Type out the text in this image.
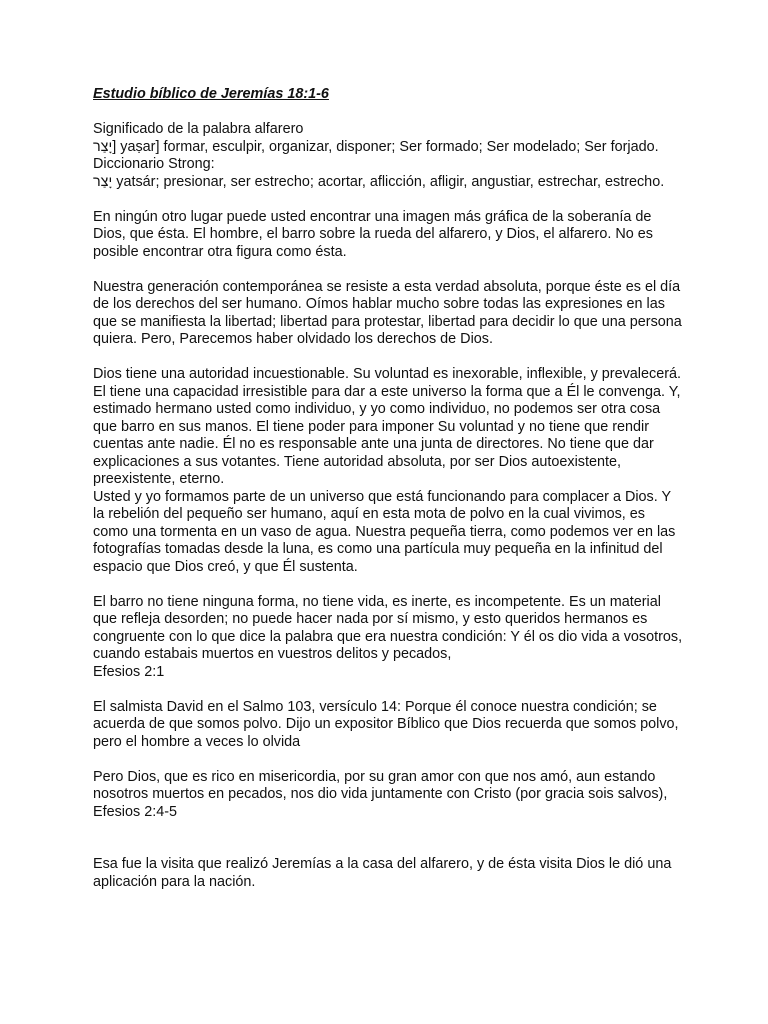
Estudio bíblico de Jeremías 18:1-6
Significado de la palabra alfarero
יָצַר] yaṣar] formar, esculpir, organizar, disponer; Ser formado; Ser modelado; Ser forjado.
Diccionario Strong:
יָצַר yatsár; presionar, ser estrecho; acortar, aflicción, afligir, angustiar, estrechar, estrecho.
En ningún otro lugar puede usted encontrar una imagen más gráfica de la soberanía de
Dios, que ésta. El hombre, el barro sobre la rueda del alfarero, y Dios, el alfarero. No es
posible encontrar otra figura como ésta.
Nuestra generación contemporánea se resiste a esta verdad absoluta, porque éste es el día
de los derechos del ser humano. Oímos hablar mucho sobre todas las expresiones en las
que se manifiesta la libertad; libertad para protestar, libertad para decidir lo que una persona
quiera. Pero, Parecemos haber olvidado los derechos de Dios.
Dios tiene una autoridad incuestionable. Su voluntad es inexorable, inflexible, y prevalecerá.
El tiene una capacidad irresistible para dar a este universo la forma que a Él le convenga. Y,
estimado hermano usted como individuo, y yo como individuo, no podemos ser otra cosa
que barro en sus manos. El tiene poder para imponer Su voluntad y no tiene que rendir
cuentas ante nadie. Él no es responsable ante una junta de directores. No tiene que dar
explicaciones a sus votantes. Tiene autoridad absoluta, por ser Dios autoexistente,
preexistente, eterno.
Usted y yo formamos parte de un universo que está funcionando para complacer a Dios. Y
la rebelión del pequeño ser humano, aquí en esta mota de polvo en la cual vivimos, es
como una tormenta en un vaso de agua. Nuestra pequeña tierra, como podemos ver en las
fotografías tomadas desde la luna, es como una partícula muy pequeña en la infinitud del
espacio que Dios creó, y que Él sustenta.
El barro no tiene ninguna forma, no tiene vida, es inerte, es incompetente. Es un material
que refleja desorden; no puede hacer nada por sí mismo, y esto queridos hermanos es
congruente con lo que dice la palabra que era nuestra condición: Y él os dio vida a vosotros,
cuando estabais muertos en vuestros delitos y pecados,
Efesios 2:1
El salmista David en el Salmo 103, versículo 14: Porque él conoce nuestra condición; se
acuerda de que somos polvo. Dijo un expositor Bíblico que Dios recuerda que somos polvo,
pero el hombre a veces lo olvida
Pero Dios, que es rico en misericordia, por su gran amor con que nos amó, aun estando
nosotros muertos en pecados, nos dio vida juntamente con Cristo (por gracia sois salvos),
Efesios 2:4-5
Esa fue la visita que realizó Jeremías a la casa del alfarero, y de ésta visita Dios le dió una
aplicación para la nación.
